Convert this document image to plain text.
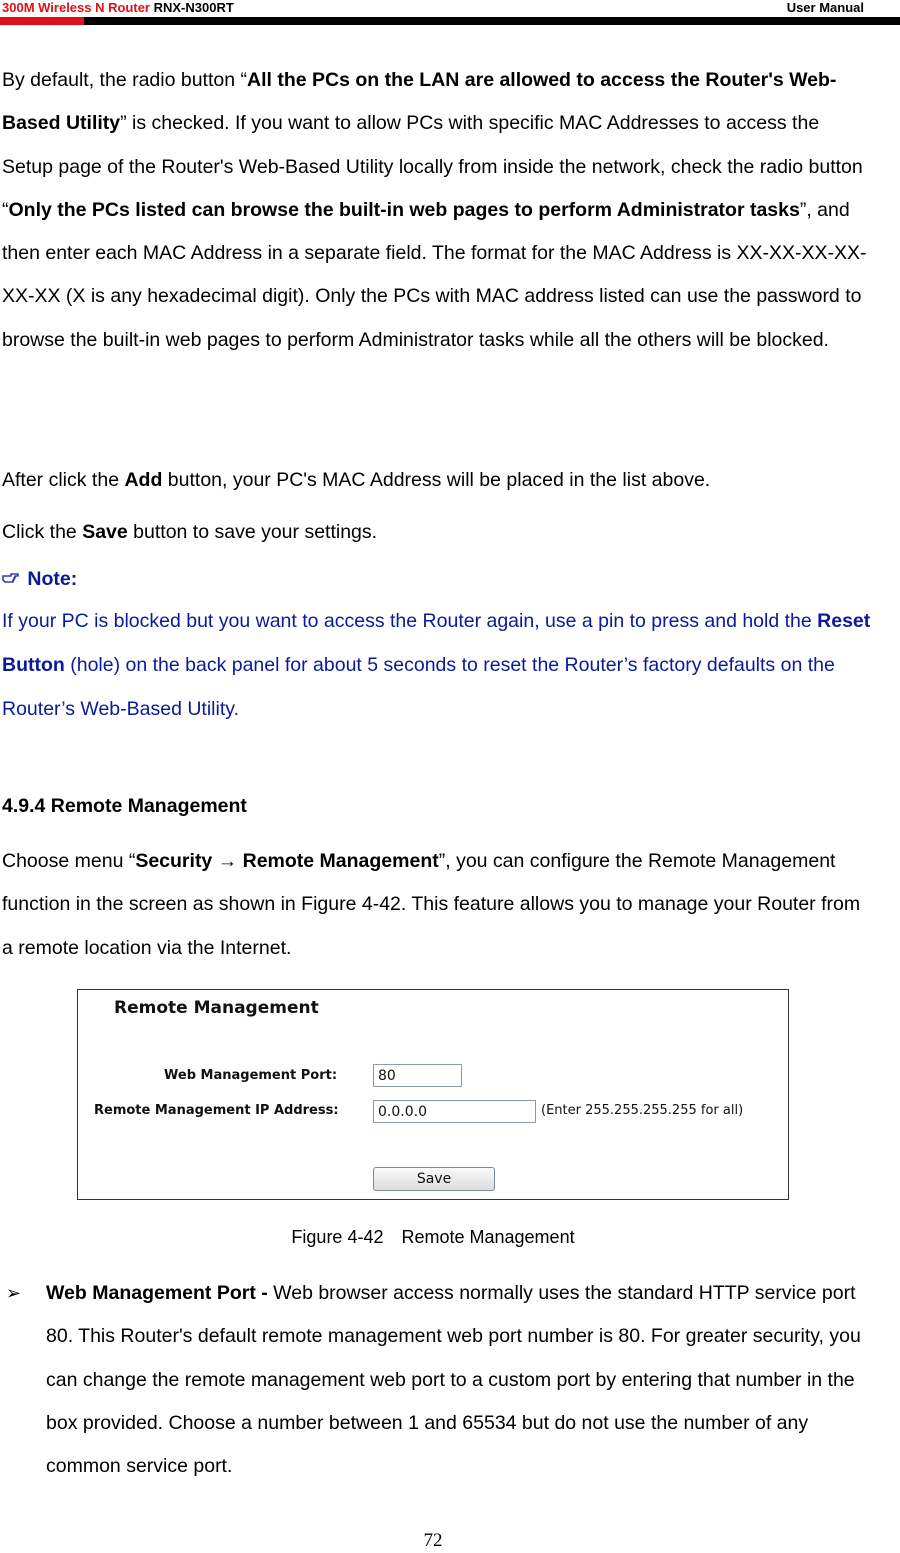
300M Wireless N Router RNX-N300RT	User Manual
By default, the radio button “All the PCs on the LAN are allowed to access the Router's Web-Based Utility” is checked. If you want to allow PCs with specific MAC Addresses to access the Setup page of the Router's Web-Based Utility locally from inside the network, check the radio button “Only the PCs listed can browse the built-in web pages to perform Administrator tasks”, and then enter each MAC Address in a separate field. The format for the MAC Address is XX-XX-XX-XX-XX-XX (X is any hexadecimal digit). Only the PCs with MAC address listed can use the password to browse the built-in web pages to perform Administrator tasks while all the others will be blocked.
After click the Add button, your PC's MAC Address will be placed in the list above.
Click the Save button to save your settings.
Note:
If your PC is blocked but you want to access the Router again, use a pin to press and hold the Reset Button (hole) on the back panel for about 5 seconds to reset the Router’s factory defaults on the Router’s Web-Based Utility.
4.9.4 Remote Management
Choose menu “Security → Remote Management”, you can configure the Remote Management function in the screen as shown in Figure 4-42. This feature allows you to manage your Router from a remote location via the Internet.
Remote Management
Web Management Port:	80
Remote Management IP Address:	0.0.0.0	(Enter 255.255.255.255 for all)
Save
Figure 4-42 Remote Management
➢ Web Management Port - Web browser access normally uses the standard HTTP service port 80. This Router's default remote management web port number is 80. For greater security, you can change the remote management web port to a custom port by entering that number in the box provided. Choose a number between 1 and 65534 but do not use the number of any common service port.
72
